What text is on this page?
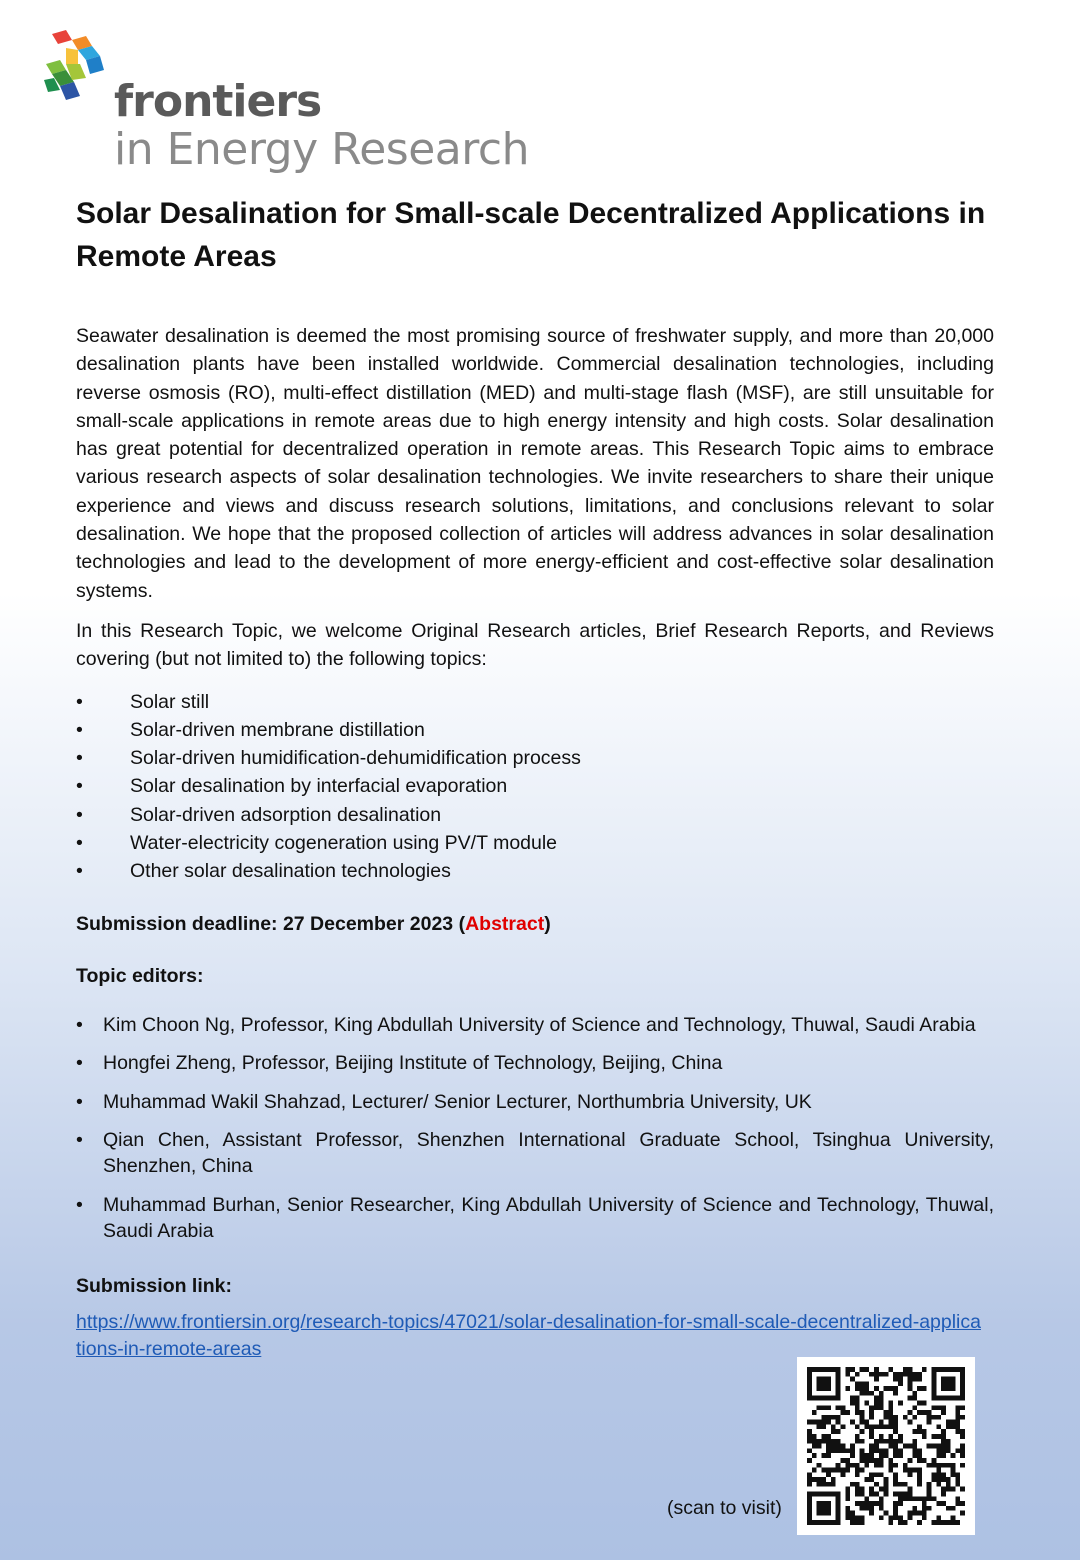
frontiers
in Energy Research
Solar Desalination for Small-scale Decentralized Applications in Remote Areas

Seawater desalination is deemed the most promising source of freshwater supply, and more than 20,000 desalination plants have been installed worldwide. Commercial desalination technologies, including reverse osmosis (RO), multi-effect distillation (MED) and multi-stage flash (MSF), are still unsuitable for small-scale applications in remote areas due to high energy intensity and high costs. Solar desalination has great potential for decentralized operation in remote areas. This Research Topic aims to embrace various research aspects of solar desalination technologies. We invite researchers to share their unique experience and views and discuss research solutions, limitations, and conclusions relevant to solar desalination. We hope that the proposed collection of articles will address advances in solar desalination technologies and lead to the development of more energy-efficient and cost-effective solar desalination systems.

In this Research Topic, we welcome Original Research articles, Brief Research Reports, and Reviews covering (but not limited to) the following topics:

• Solar still
• Solar-driven membrane distillation
• Solar-driven humidification-dehumidification process
• Solar desalination by interfacial evaporation
• Solar-driven adsorption desalination
• Water-electricity cogeneration using PV/T module
• Other solar desalination technologies

Submission deadline: 27 December 2023 (Abstract)

Topic editors:

• Kim Choon Ng, Professor, King Abdullah University of Science and Technology, Thuwal, Saudi Arabia
• Hongfei Zheng, Professor, Beijing Institute of Technology, Beijing, China
• Muhammad Wakil Shahzad, Lecturer/ Senior Lecturer, Northumbria University, UK
• Qian Chen, Assistant Professor, Shenzhen International Graduate School, Tsinghua University, Shenzhen, China
• Muhammad Burhan, Senior Researcher, King Abdullah University of Science and Technology, Thuwal, Saudi Arabia

Submission link:

https://www.frontiersin.org/research-topics/47021/solar-desalination-for-small-scale-decentralized-applications-in-remote-areas
(scan to visit)
